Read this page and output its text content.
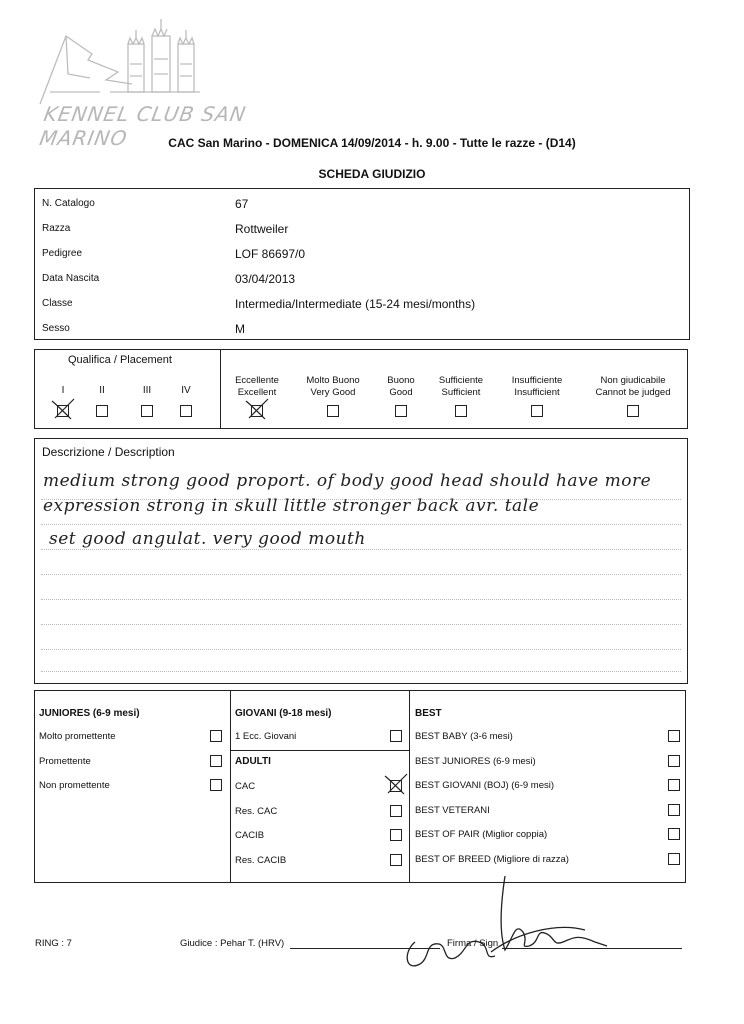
KENNEL CLUB SAN MARINO	CAC San Marino - DOMENICA 14/09/2014 - h. 9.00 - Tutte le razze - (D14)
SCHEDA GIUDIZIO
N. Catalogo	67
Razza	Rottweiler
Pedigree	LOF 86697/0
Data Nascita	03/04/2013
Classe	Intermedia/Intermediate (15-24 mesi/months)
Sesso	M
Qualifica / Placement
I	II	III	IV
Eccellente
Excellent
Molto Buono
Very Good
Buono
Good
Sufficiente
Sufficient
Insufficiente
Insufficient
Non giudicabile
Cannot be judged
Descrizione / Description
medium strong good proport. of body good head should have more expression strong in skull little stronger back avr. tale
set good angulat. very good mouth
JUNIORES (6-9 mesi)	GIOVANI (9-18 mesi)
ADULTI
BEST
Molto promettente
Promettente
Non promettente
1 Ecc. Giovani
CAC
Res. CAC
CACIB
Res. CACIB
BEST BABY (3-6 mesi)
BEST JUNIORES (6-9 mesi)
BEST GIOVANI (BOJ) (6-9 mesi)
BEST VETERANI
BEST OF PAIR (Miglior coppia)
BEST OF BREED (Migliore di razza)
RING : 7	Giudice : Pehar T. (HRV)	Firma / Sign
